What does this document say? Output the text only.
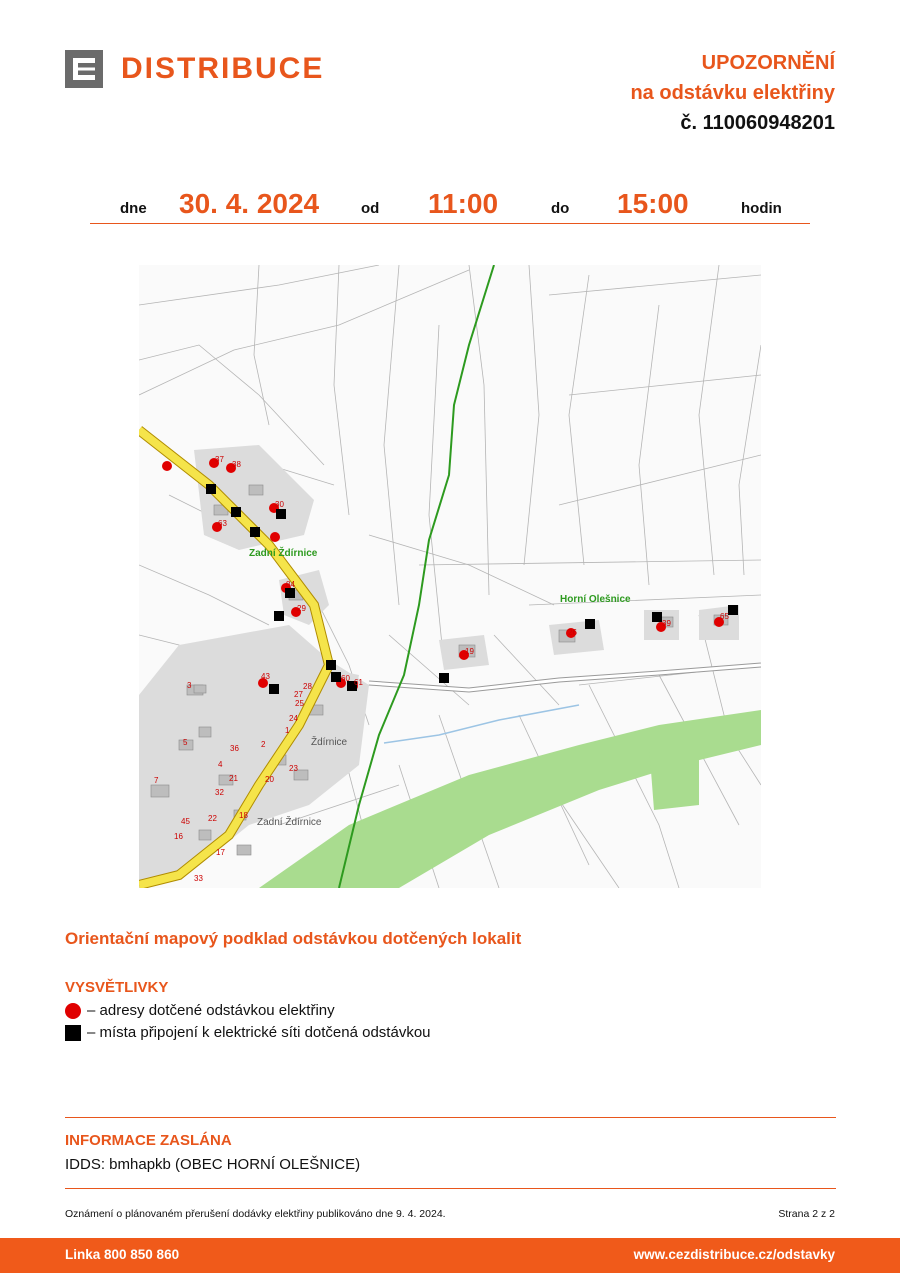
DISTRIBUCE	UPOZORNĚNÍ
na odstávku elektřiny
č. 110060948201
dne 30. 4. 2024	od 11:00	do 15:00	hodin
Zadní Ždírnice
Horní Olešnice
Ždírnice
Zadní Ždírnice
37
38
30
63
84
29
19
26
39
65
43	60 61
28
27
25
24
23
20
21
22	18
17
16
45
32
4
5
36
7
3
2
1
33
Orientační mapový podklad odstávkou dotčených lokalit
VYSVĚTLIVKY
– adresy dotčené odstávkou elektřiny
– místa připojení k elektrické síti dotčená odstávkou
INFORMACE ZASLÁNA
IDDS: bmhapkb (OBEC HORNÍ OLEŠNICE)
Oznámení o plánovaném přerušení dodávky elektřiny publikováno dne 9. 4. 2024.	Strana 2 z 2
Linka 800 850 860	www.cezdistribuce.cz/odstavky
